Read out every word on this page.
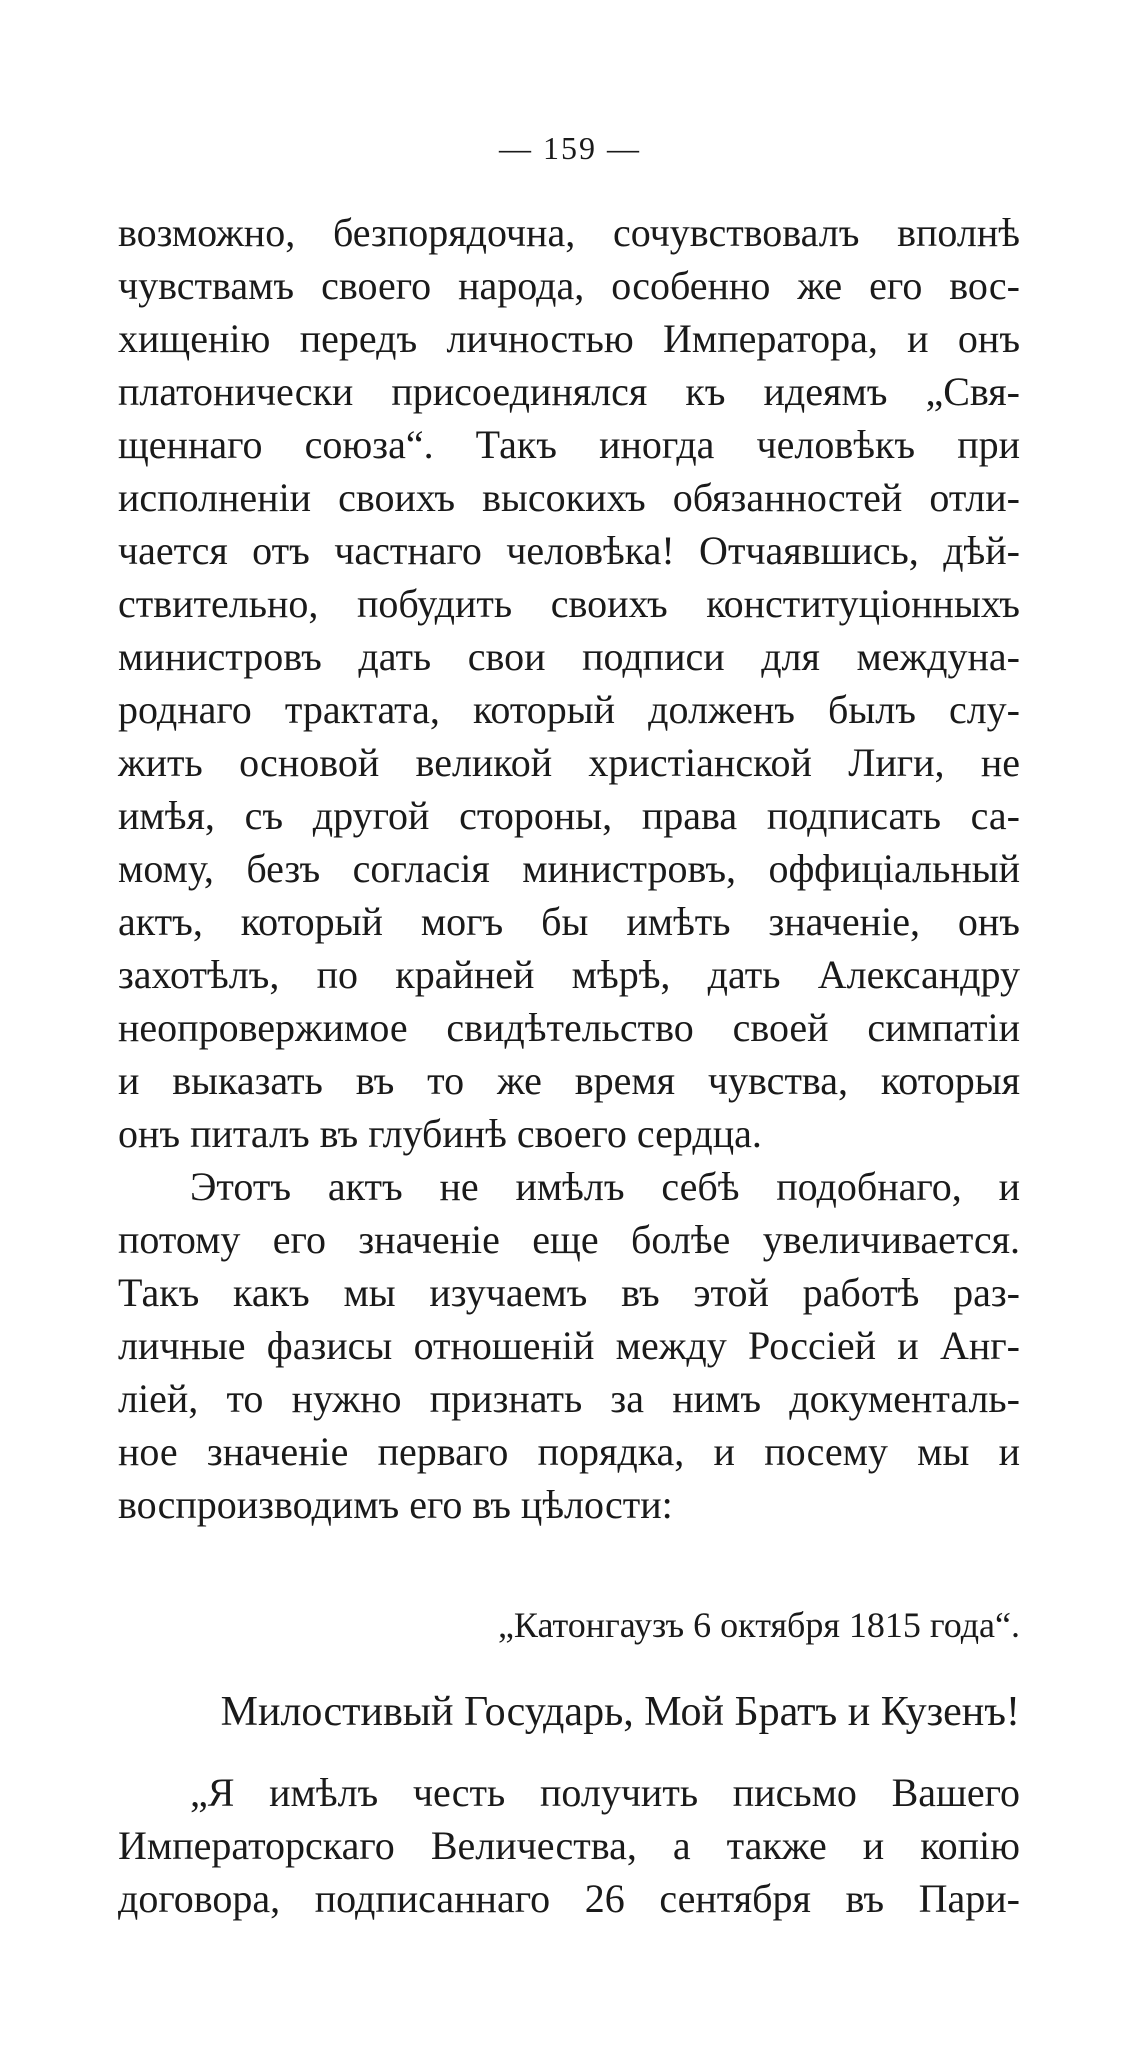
— 159 —
возможно, безпорядочна, сочувствовалъ вполнѣ
чувствамъ своего народа, особенно же его вос-
хищенію передъ личностью Императора, и онъ
платонически присоединялся къ идеямъ „Свя-
щеннаго союза“. Такъ иногда человѣкъ при
исполненіи своихъ высокихъ обязанностей отли-
чается отъ частнаго человѣка! Отчаявшись, дѣй-
ствительно, побудить своихъ конституціонныхъ
министровъ дать свои подписи для междуна-
роднаго трактата, который долженъ былъ слу-
жить основой великой христіанской Лиги, не
имѣя, съ другой стороны, права подписать са-
мому, безъ согласія министровъ, оффиціальный
актъ, который могъ бы имѣть значеніе, онъ
захотѣлъ, по крайней мѣрѣ, дать Александру
неопровержимое свидѣтельство своей симпатіи
и выказать въ то же время чувства, которыя
онъ питалъ въ глубинѣ своего сердца.
Этотъ актъ не имѣлъ себѣ подобнаго, и
потому его значеніе еще болѣе увеличивается.
Такъ какъ мы изучаемъ въ этой работѣ раз-
личные фазисы отношеній между Россіей и Анг-
ліей, то нужно признать за нимъ документаль-
ное значеніе перваго порядка, и посему мы и
воспроизводимъ его въ цѣлости:
„Катонгаузъ 6 октября 1815 года“.
Милостивый Государь, Мой Братъ и Кузенъ!
„Я имѣлъ честь получить письмо Вашего
Императорскаго Величества, а также и копію
договора, подписаннаго 26 сентября въ Пари-
